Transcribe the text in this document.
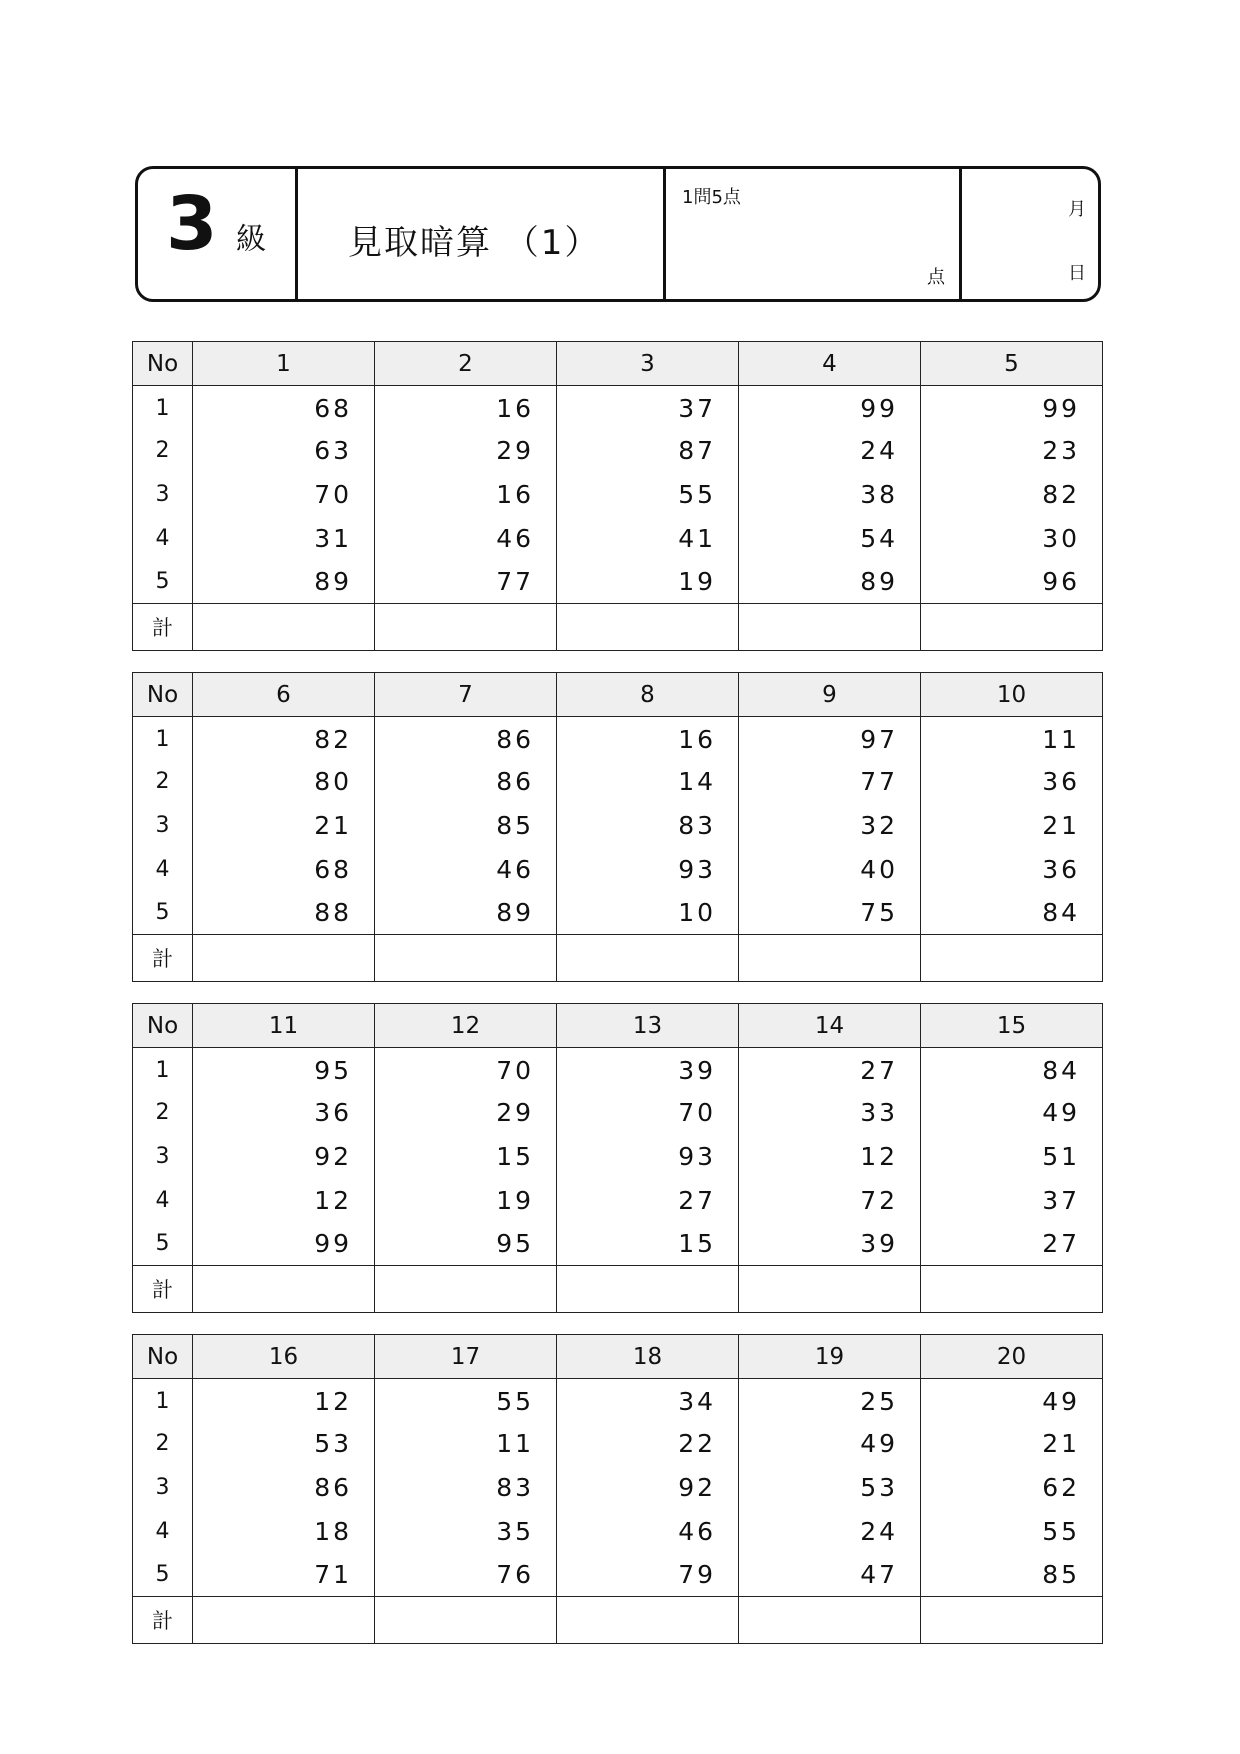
3 級 見取暗算 （1）
1問5点
点
月
日
No	1	2	3	4	5
1	68	16	37	99	99
2	63	29	87	24	23
3	70	16	55	38	82
4	31	46	41	54	30
5	89	77	19	89	96
計					
No	6	7	8	9	10
1	82	86	16	97	11
2	80	86	14	77	36
3	21	85	83	32	21
4	68	46	93	40	36
5	88	89	10	75	84
計					
No	11	12	13	14	15
1	95	70	39	27	84
2	36	29	70	33	49
3	92	15	93	12	51
4	12	19	27	72	37
5	99	95	15	39	27
計					
No	16	17	18	19	20
1	12	55	34	25	49
2	53	11	22	49	21
3	86	83	92	53	62
4	18	35	46	24	55
5	71	76	79	47	85
計					
